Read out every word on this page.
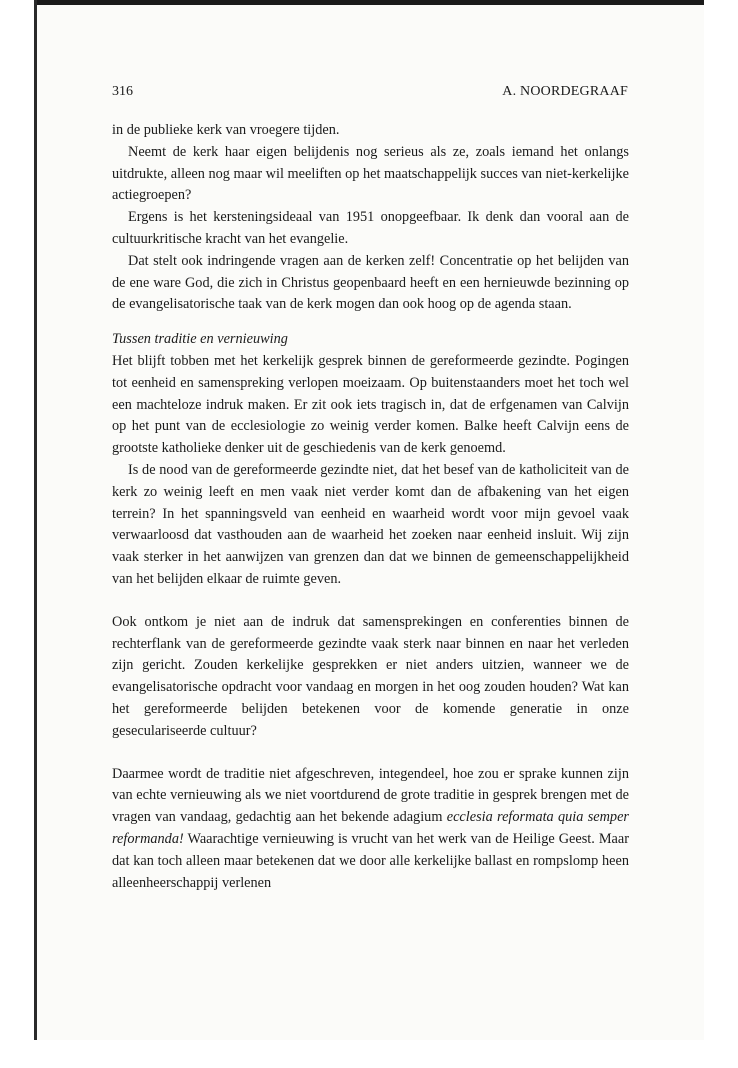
316	A. NOORDEGRAAF

in de publieke kerk van vroegere tijden.

Neemt de kerk haar eigen belijdenis nog serieus als ze, zoals iemand het onlangs uitdrukte, alleen nog maar wil meeliften op het maatschappelijk succes van niet-kerkelijke actiegroepen?

Ergens is het kersteningsideaal van 1951 onopgeefbaar. Ik denk dan vooral aan de cultuurkritische kracht van het evangelie.

Dat stelt ook indringende vragen aan de kerken zelf! Concentratie op het belijden van de ene ware God, die zich in Christus geopenbaard heeft en een hernieuwde bezinning op de evangelisatorische taak van de kerk mogen dan ook hoog op de agenda staan.

Tussen traditie en vernieuwing

Het blijft tobben met het kerkelijk gesprek binnen de gereformeerde gezindte. Pogingen tot eenheid en samenspreking verlopen moeizaam. Op buitenstaanders moet het toch wel een machteloze indruk maken. Er zit ook iets tragisch in, dat de erfgenamen van Calvijn op het punt van de ecclesiologie zo weinig verder komen. Balke heeft Calvijn eens de grootste katholieke denker uit de geschiedenis van de kerk genoemd.

Is de nood van de gereformeerde gezindte niet, dat het besef van de katholiciteit van de kerk zo weinig leeft en men vaak niet verder komt dan de afbakening van het eigen terrein? In het spanningsveld van eenheid en waarheid wordt voor mijn gevoel vaak verwaarloosd dat vasthouden aan de waarheid het zoeken naar eenheid insluit. Wij zijn vaak sterker in het aanwijzen van grenzen dan dat we binnen de gemeenschappelijkheid van het belijden elkaar de ruimte geven.

Ook ontkom je niet aan de indruk dat samensprekingen en conferenties binnen de rechterflank van de gereformeerde gezindte vaak sterk naar binnen en naar het verleden zijn gericht. Zouden kerkelijke gesprekken er niet anders uitzien, wanneer we de evangelisatorische opdracht voor vandaag en morgen in het oog zouden houden? Wat kan het gereformeerde belijden betekenen voor de komende generatie in onze geseculariseerde cultuur?

Daarmee wordt de traditie niet afgeschreven, integendeel, hoe zou er sprake kunnen zijn van echte vernieuwing als we niet voortdurend de grote traditie in gesprek brengen met de vragen van vandaag, gedachtig aan het bekende adagium ecclesia reformata quia semper reformanda! Waarachtige vernieuwing is vrucht van het werk van de Heilige Geest. Maar dat kan toch alleen maar betekenen dat we door alle kerkelijke ballast en rompslomp heen alleenheerschappij verlenen
